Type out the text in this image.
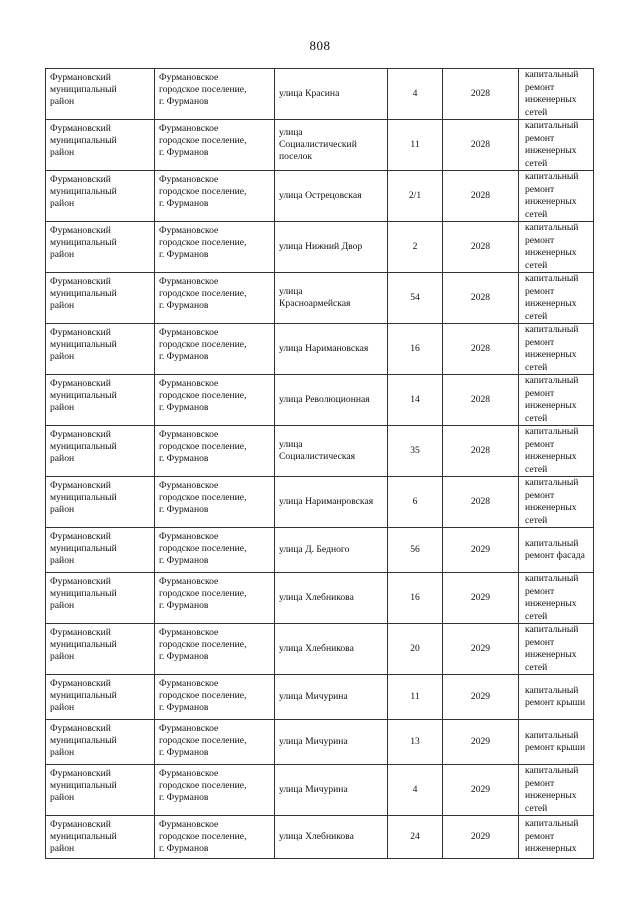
808
Фурмановский
муниципальный
район	Фурмановское
городское поселение,
г. Фурманов	улица Красина	4	2028	капитальный
ремонт
инженерных
сетей
Фурмановский
муниципальный
район	Фурмановское
городское поселение,
г. Фурманов	улица
Социалистический
поселок	11	2028	капитальный
ремонт
инженерных
сетей
Фурмановский
муниципальный
район	Фурмановское
городское поселение,
г. Фурманов	улица Острецовская	2/1	2028	капитальный
ремонт
инженерных
сетей
Фурмановский
муниципальный
район	Фурмановское
городское поселение,
г. Фурманов	улица Нижний Двор	2	2028	капитальный
ремонт
инженерных
сетей
Фурмановский
муниципальный
район	Фурмановское
городское поселение,
г. Фурманов	улица
Красноармейская	54	2028	капитальный
ремонт
инженерных
сетей
Фурмановский
муниципальный
район	Фурмановское
городское поселение,
г. Фурманов	улица Наримановская	16	2028	капитальный
ремонт
инженерных
сетей
Фурмановский
муниципальный
район	Фурмановское
городское поселение,
г. Фурманов	улица Революционная	14	2028	капитальный
ремонт
инженерных
сетей
Фурмановский
муниципальный
район	Фурмановское
городское поселение,
г. Фурманов	улица
Социалистическая	35	2028	капитальный
ремонт
инженерных
сетей
Фурмановский
муниципальный
район	Фурмановское
городское поселение,
г. Фурманов	улица Нариманровская	6	2028	капитальный
ремонт
инженерных
сетей
Фурмановский
муниципальный
район	Фурмановское
городское поселение,
г. Фурманов	улица Д. Бедного	56	2029	капитальный
ремонт фасада
Фурмановский
муниципальный
район	Фурмановское
городское поселение,
г. Фурманов	улица Хлебникова	16	2029	капитальный
ремонт
инженерных
сетей
Фурмановский
муниципальный
район	Фурмановское
городское поселение,
г. Фурманов	улица Хлебникова	20	2029	капитальный
ремонт
инженерных
сетей
Фурмановский
муниципальный
район	Фурмановское
городское поселение,
г. Фурманов	улица Мичурина	11	2029	капитальный
ремонт крыши
Фурмановский
муниципальный
район	Фурмановское
городское поселение,
г. Фурманов	улица Мичурина	13	2029	капитальный
ремонт крыши
Фурмановский
муниципальный
район	Фурмановское
городское поселение,
г. Фурманов	улица Мичурина	4	2029	капитальный
ремонт
инженерных
сетей
Фурмановский
муниципальный
район	Фурмановское
городское поселение,
г. Фурманов	улица Хлебникова	24	2029	капитальный
ремонт
инженерных
